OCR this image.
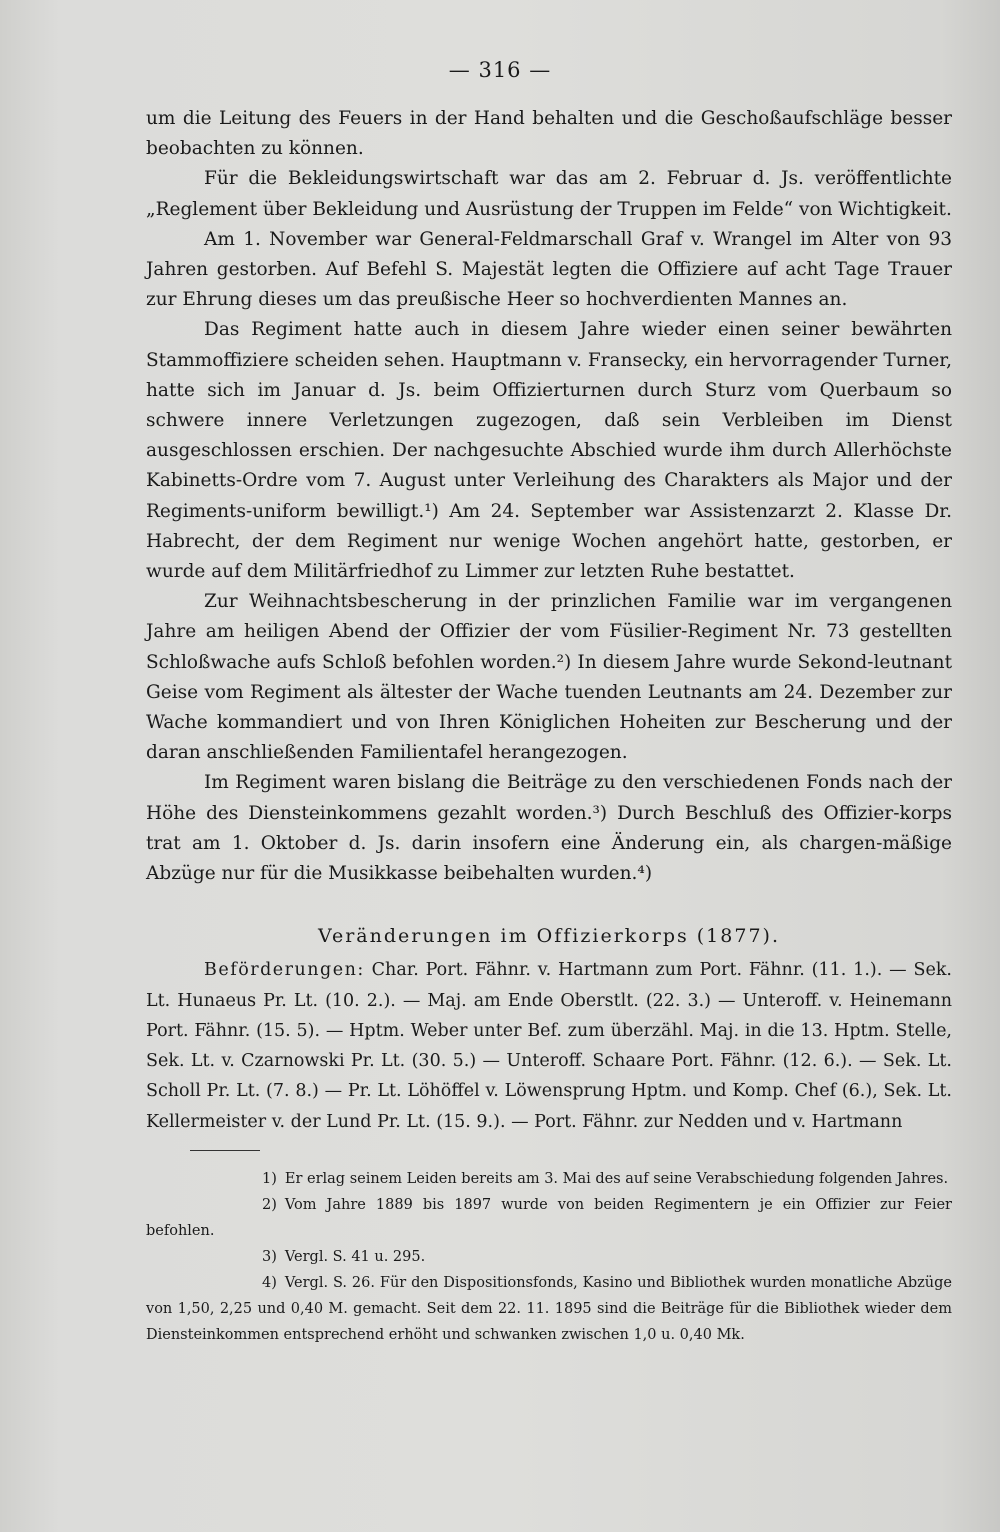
— 316 —

um die Leitung des Feuers in der Hand behalten und die Geschoßaufschläge besser beobachten zu können.

Für die Bekleidungswirtschaft war das am 2. Februar d. Js. veröffentlichte „Reglement über Bekleidung und Ausrüstung der Truppen im Felde“ von Wichtigkeit.

Am 1. November war General-Feldmarschall Graf v. Wrangel im Alter von 93 Jahren gestorben. Auf Befehl S. Majestät legten die Offiziere auf acht Tage Trauer zur Ehrung dieses um das preußische Heer so hochverdienten Mannes an.

Das Regiment hatte auch in diesem Jahre wieder einen seiner bewährten Stammoffiziere scheiden sehen. Hauptmann v. Fransecky, ein hervorragender Turner, hatte sich im Januar d. Js. beim Offizierturnen durch Sturz vom Querbaum so schwere innere Verletzungen zugezogen, daß sein Verbleiben im Dienst ausgeschlossen erschien. Der nachgesuchte Abschied wurde ihm durch Allerhöchste Kabinetts-Ordre vom 7. August unter Verleihung des Charakters als Major und der Regiments-uniform bewilligt.¹) Am 24. September war Assistenzarzt 2. Klasse Dr. Habrecht, der dem Regiment nur wenige Wochen angehört hatte, gestorben, er wurde auf dem Militärfriedhof zu Limmer zur letzten Ruhe bestattet.

Zur Weihnachtsbescherung in der prinzlichen Familie war im vergangenen Jahre am heiligen Abend der Offizier der vom Füsilier-Regiment Nr. 73 gestellten Schloßwache aufs Schloß befohlen worden.²) In diesem Jahre wurde Sekond-leutnant Geise vom Regiment als ältester der Wache tuenden Leutnants am 24. Dezember zur Wache kommandiert und von Ihren Königlichen Hoheiten zur Bescherung und der daran anschließenden Familientafel herangezogen.

Im Regiment waren bislang die Beiträge zu den verschiedenen Fonds nach der Höhe des Diensteinkommens gezahlt worden.³) Durch Beschluß des Offizier-korps trat am 1. Oktober d. Js. darin insofern eine Änderung ein, als chargen-mäßige Abzüge nur für die Musikkasse beibehalten wurden.⁴)

Veränderungen im Offizierkorps (1877).

Beförderungen: Char. Port. Fähnr. v. Hartmann zum Port. Fähnr. (11. 1.). — Sek. Lt. Hunaeus Pr. Lt. (10. 2.). — Maj. am Ende Oberstlt. (22. 3.) — Unteroff. v. Heinemann Port. Fähnr. (15. 5). — Hptm. Weber unter Bef. zum überzähl. Maj. in die 13. Hptm. Stelle, Sek. Lt. v. Czarnowski Pr. Lt. (30. 5.) — Unteroff. Schaare Port. Fähnr. (12. 6.). — Sek. Lt. Scholl Pr. Lt. (7. 8.) — Pr. Lt. Löhöffel v. Löwensprung Hptm. und Komp. Chef (6.), Sek. Lt. Kellermeister v. der Lund Pr. Lt. (15. 9.). — Port. Fähnr. zur Nedden und v. Hartmann

1) Er erlag seinem Leiden bereits am 3. Mai des auf seine Verabschiedung folgenden Jahres.

2) Vom Jahre 1889 bis 1897 wurde von beiden Regimentern je ein Offizier zur Feier befohlen.

3) Vergl. S. 41 u. 295.

4) Vergl. S. 26. Für den Dispositionsfonds, Kasino und Bibliothek wurden monatliche Abzüge von 1,50, 2,25 und 0,40 M. gemacht. Seit dem 22. 11. 1895 sind die Beiträge für die Bibliothek wieder dem Diensteinkommen entsprechend erhöht und schwanken zwischen 1,0 u. 0,40 Mk.
